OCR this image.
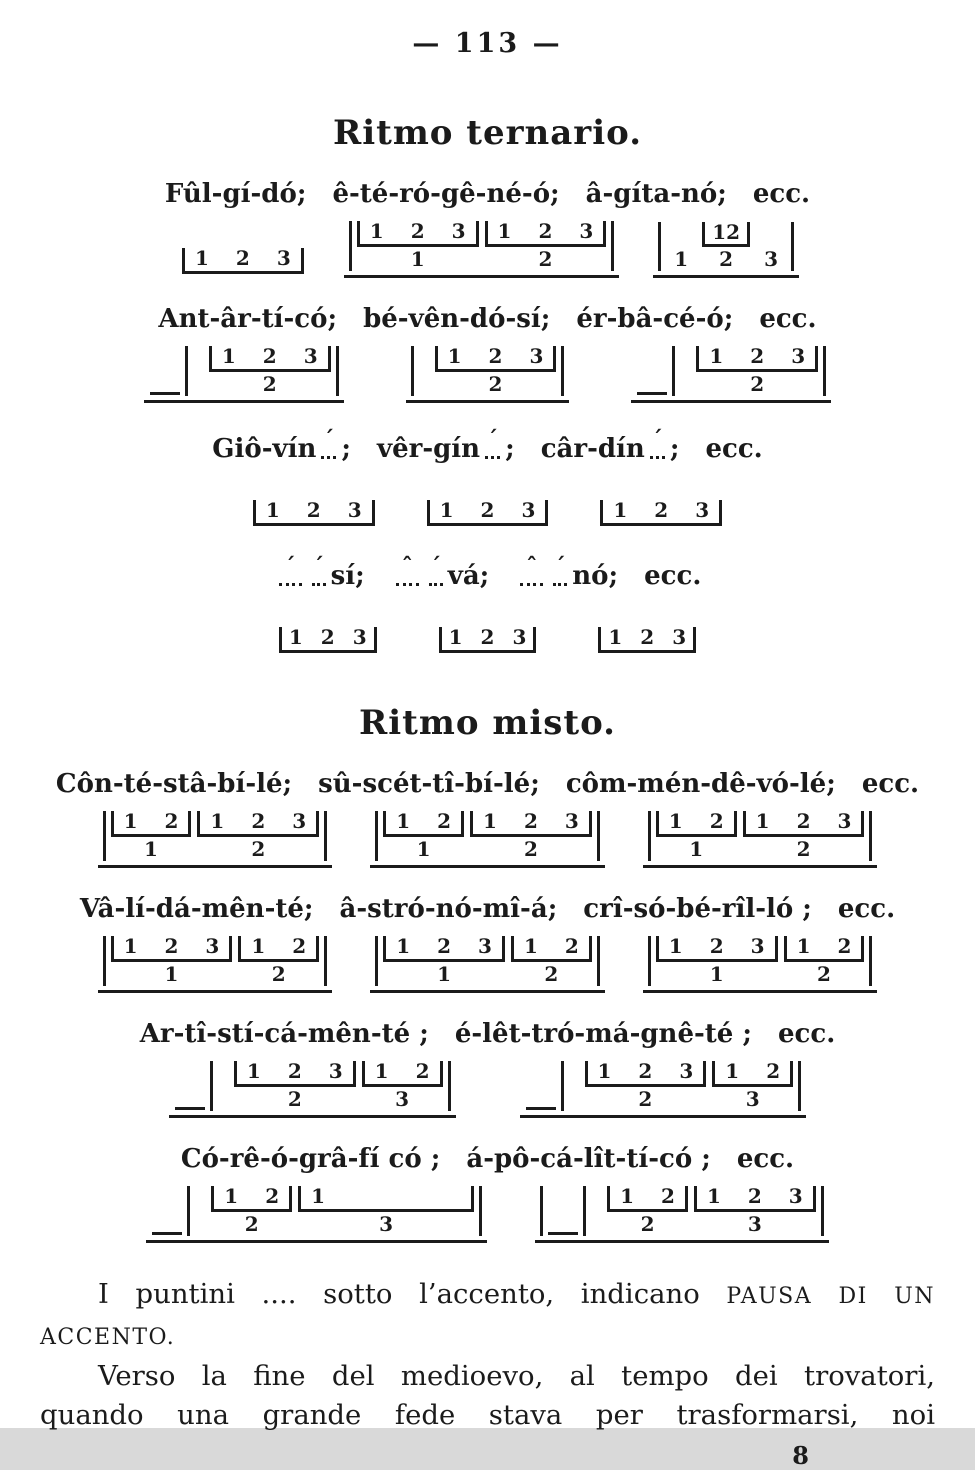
— 113 —
Ritmo ternario.
Fûl-gí-dó; ê-té-ró-gê-né-ó; â-gíta-nó; ecc.
1 2 3
1 2 3
1
1 2 3
2	1
12
2	3
Ant-âr-tí-có; bé-vên-dó-sí; ér-bâ-cé-ó; ecc.
1 2 3
2
1 2 3
2
1 2 3
2
Giô-vín ´ ; vêr-gín ´ ; câr-dín ´ ; ecc.
1 2 3	1 2 3	1 2 3
´ ´ sí; ˆ ´ vá; ˆ ´ nó; ecc.
1 2 3	1 2 3	1 2 3
Ritmo misto.
Côn-té-stâ-bí-lé; sû-scét-tî-bí-lé; côm-mén-dê-vó-lé; ecc.
1 2
1
1 2 3
2
1 2
1
1 2 3
2
1 2
1
1 2 3
2
Vâ-lí-dá-mên-té; â-stró-nó-mî-á; crî-só-bé-rîl-ló ; ecc.
1 2 3
1
1 2
2
1 2 3
1
1 2
2
1 2 3
1
1 2
2
Ar-tî-stí-cá-mên-té ; é-lêt-tró-má-gnê-té ; ecc.
1 2 3
2
1 2
3
1 2 3
2
1 2
3
Có-rê-ó-grâ-fí có ; á-pô-cá-lît-tí-có ; ecc.
1 2
2
1
3
1 2
2
1 2 3
3

I puntini .... sotto l’accento, indicano PAUSA DI UN

ACCENTO.

Verso la fine del medioevo, al tempo dei trovatori,

quando una grande fede stava per trasformarsi, noi

8
